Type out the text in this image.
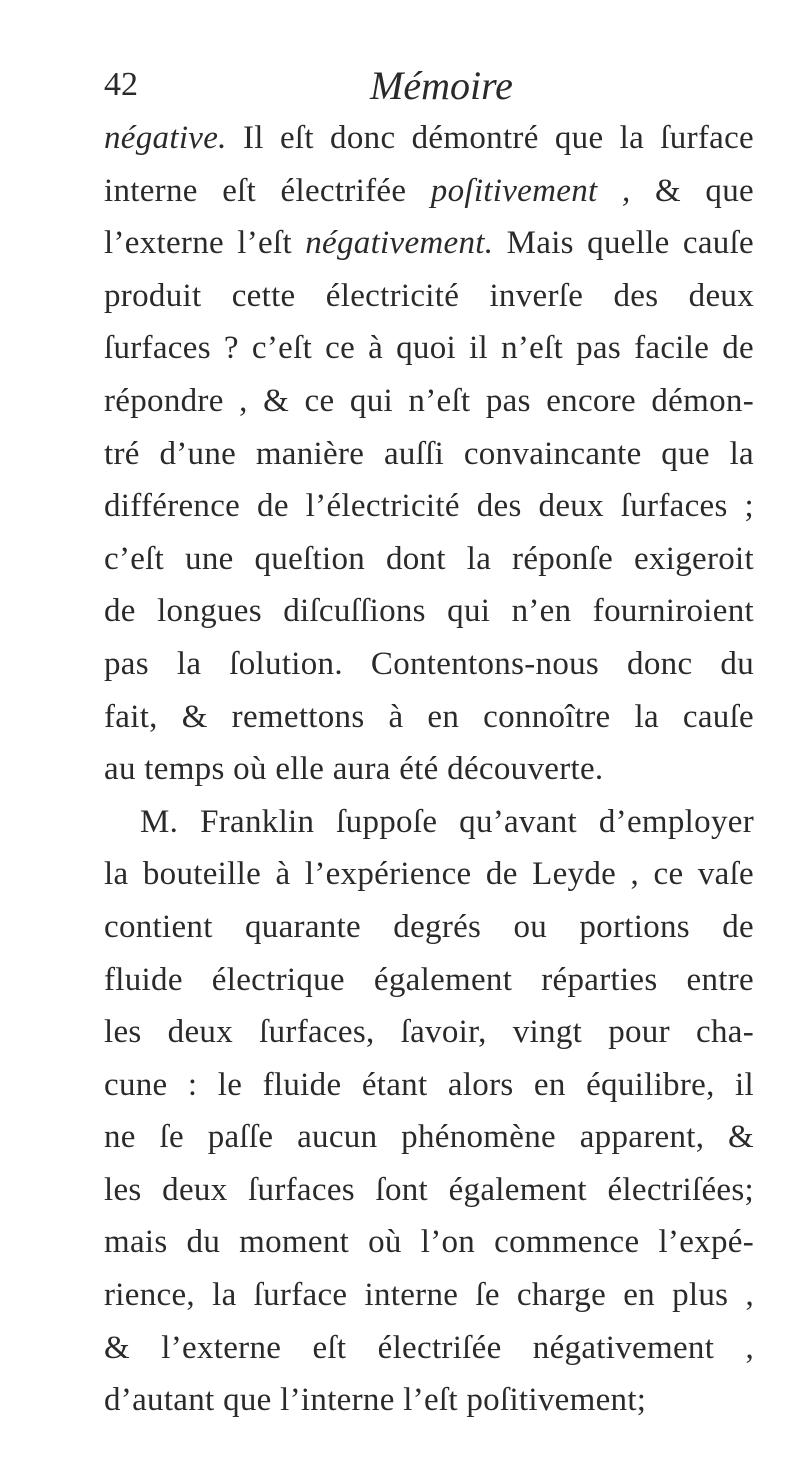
42	Mémoire
négative. Il eſt donc démontré que la ſurface
interne eſt électrifée poſitivement , & que
l’externe l’eſt négativement. Mais quelle cauſe
produit cette électricité inverſe des deux
ſurfaces ? c’eſt ce à quoi il n’eſt pas facile de
répondre , & ce qui n’eſt pas encore démon-
tré d’une manière auſſi convaincante que la
différence de l’électricité des deux ſurfaces ;
c’eſt une queſtion dont la réponſe exigeroit
de longues diſcuſſions qui n’en fourniroient
pas la ſolution. Contentons-nous donc du
fait, & remettons à en connoître la cauſe
au temps où elle aura été découverte.
M. Franklin ſuppoſe qu’avant d’employer
la bouteille à l’expérience de Leyde , ce vaſe
contient quarante degrés ou portions de
fluide électrique également réparties entre
les deux ſurfaces, ſavoir, vingt pour cha-
cune : le fluide étant alors en équilibre, il
ne ſe paſſe aucun phénomène apparent, &
les deux ſurfaces ſont également électriſées;
mais du moment où l’on commence l’expé-
rience, la ſurface interne ſe charge en plus ,
& l’externe eſt électriſée négativement ,
d’autant que l’interne l’eſt poſitivement;
